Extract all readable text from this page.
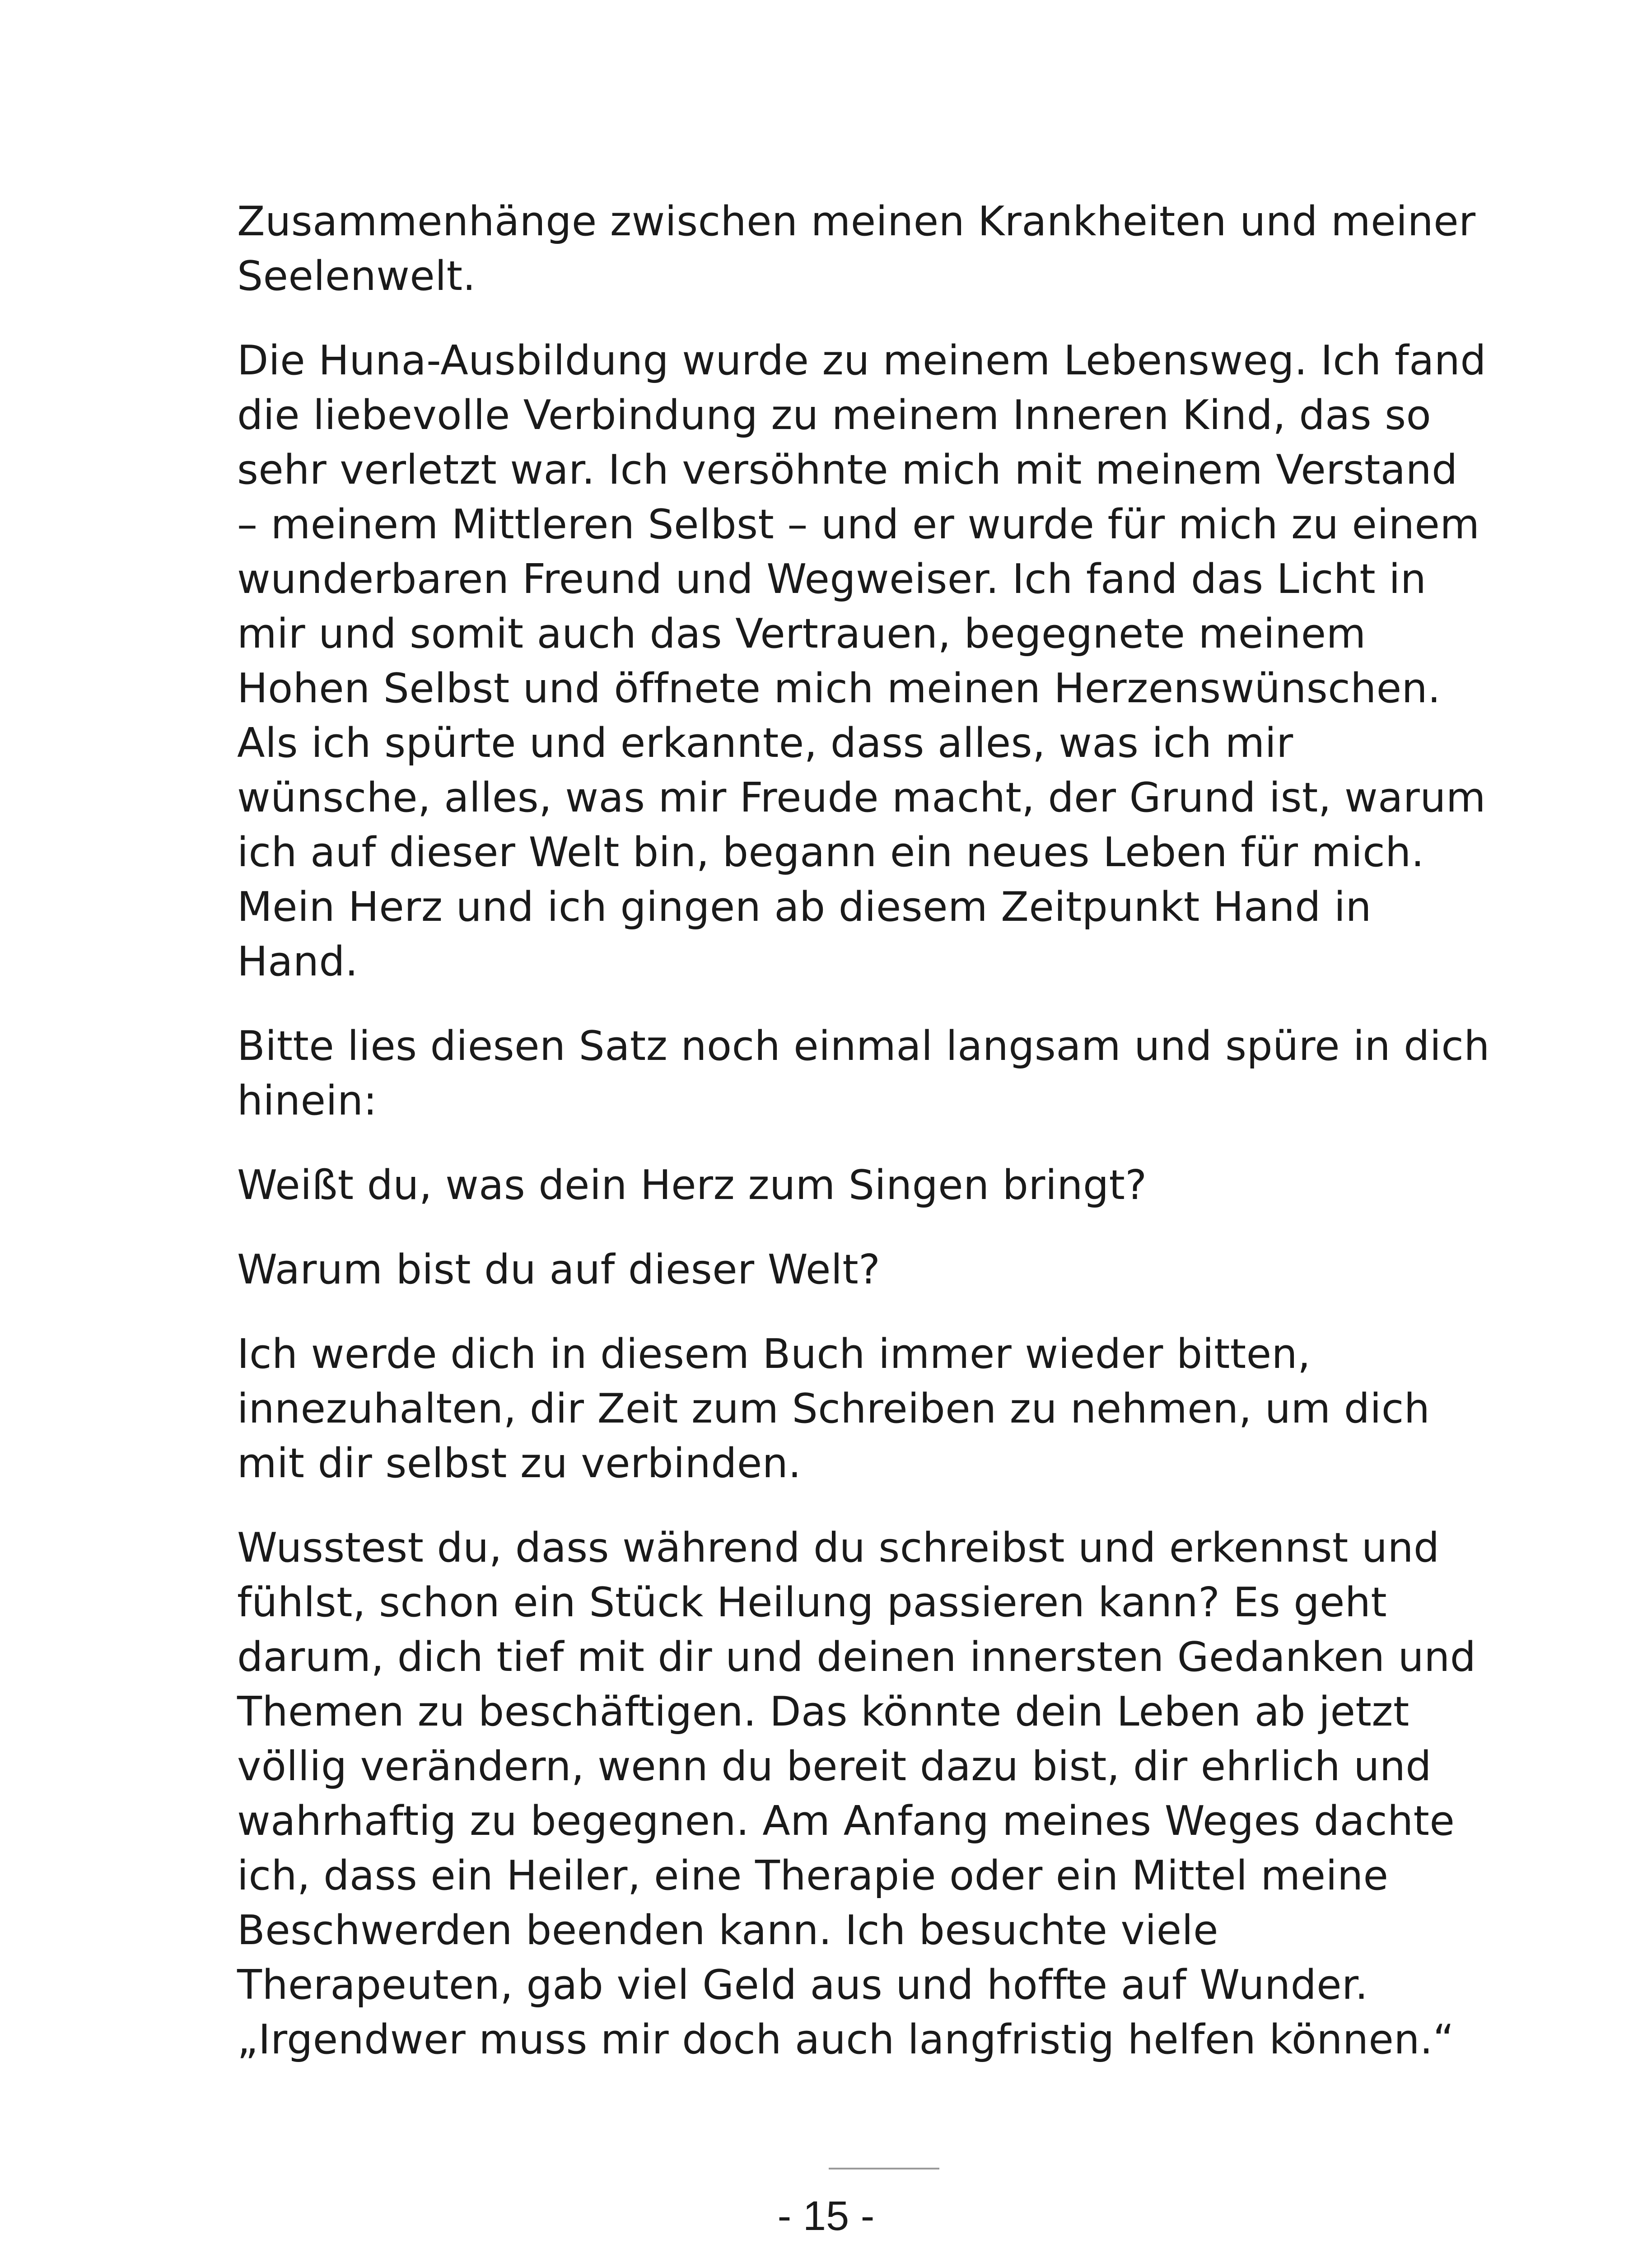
Zusammenhänge zwischen meinen Krankheiten und meiner
Seelenwelt.

Die Huna-Ausbildung wurde zu meinem Lebensweg. Ich fand
die liebevolle Verbindung zu meinem Inneren Kind, das so
sehr verletzt war. Ich versöhnte mich mit meinem Verstand
– meinem Mittleren Selbst – und er wurde für mich zu einem
wunderbaren Freund und Wegweiser. Ich fand das Licht in
mir und somit auch das Vertrauen, begegnete meinem
Hohen Selbst und öffnete mich meinen Herzenswünschen.
Als ich spürte und erkannte, dass alles, was ich mir
wünsche, alles, was mir Freude macht, der Grund ist, warum
ich auf dieser Welt bin, begann ein neues Leben für mich.
Mein Herz und ich gingen ab diesem Zeitpunkt Hand in
Hand.

Bitte lies diesen Satz noch einmal langsam und spüre in dich
hinein:

Weißt du, was dein Herz zum Singen bringt?

Warum bist du auf dieser Welt?

Ich werde dich in diesem Buch immer wieder bitten,
innezuhalten, dir Zeit zum Schreiben zu nehmen, um dich
mit dir selbst zu verbinden.

Wusstest du, dass während du schreibst und erkennst und
fühlst, schon ein Stück Heilung passieren kann? Es geht
darum, dich tief mit dir und deinen innersten Gedanken und
Themen zu beschäftigen. Das könnte dein Leben ab jetzt
völlig verändern, wenn du bereit dazu bist, dir ehrlich und
wahrhaftig zu begegnen. Am Anfang meines Weges dachte
ich, dass ein Heiler, eine Therapie oder ein Mittel meine
Beschwerden beenden kann. Ich besuchte viele
Therapeuten, gab viel Geld aus und hoffte auf Wunder.
„Irgendwer muss mir doch auch langfristig helfen können.“

- 15 -
